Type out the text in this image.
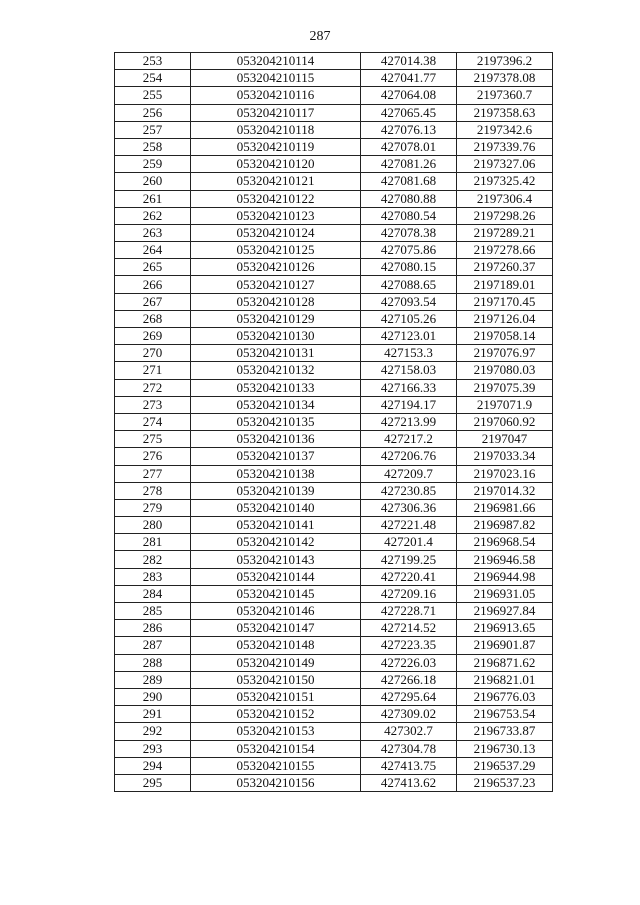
287
253	053204210114	427014.38	2197396.2
254	053204210115	427041.77	2197378.08
255	053204210116	427064.08	2197360.7
256	053204210117	427065.45	2197358.63
257	053204210118	427076.13	2197342.6
258	053204210119	427078.01	2197339.76
259	053204210120	427081.26	2197327.06
260	053204210121	427081.68	2197325.42
261	053204210122	427080.88	2197306.4
262	053204210123	427080.54	2197298.26
263	053204210124	427078.38	2197289.21
264	053204210125	427075.86	2197278.66
265	053204210126	427080.15	2197260.37
266	053204210127	427088.65	2197189.01
267	053204210128	427093.54	2197170.45
268	053204210129	427105.26	2197126.04
269	053204210130	427123.01	2197058.14
270	053204210131	427153.3	2197076.97
271	053204210132	427158.03	2197080.03
272	053204210133	427166.33	2197075.39
273	053204210134	427194.17	2197071.9
274	053204210135	427213.99	2197060.92
275	053204210136	427217.2	2197047
276	053204210137	427206.76	2197033.34
277	053204210138	427209.7	2197023.16
278	053204210139	427230.85	2197014.32
279	053204210140	427306.36	2196981.66
280	053204210141	427221.48	2196987.82
281	053204210142	427201.4	2196968.54
282	053204210143	427199.25	2196946.58
283	053204210144	427220.41	2196944.98
284	053204210145	427209.16	2196931.05
285	053204210146	427228.71	2196927.84
286	053204210147	427214.52	2196913.65
287	053204210148	427223.35	2196901.87
288	053204210149	427226.03	2196871.62
289	053204210150	427266.18	2196821.01
290	053204210151	427295.64	2196776.03
291	053204210152	427309.02	2196753.54
292	053204210153	427302.7	2196733.87
293	053204210154	427304.78	2196730.13
294	053204210155	427413.75	2196537.29
295	053204210156	427413.62	2196537.23
